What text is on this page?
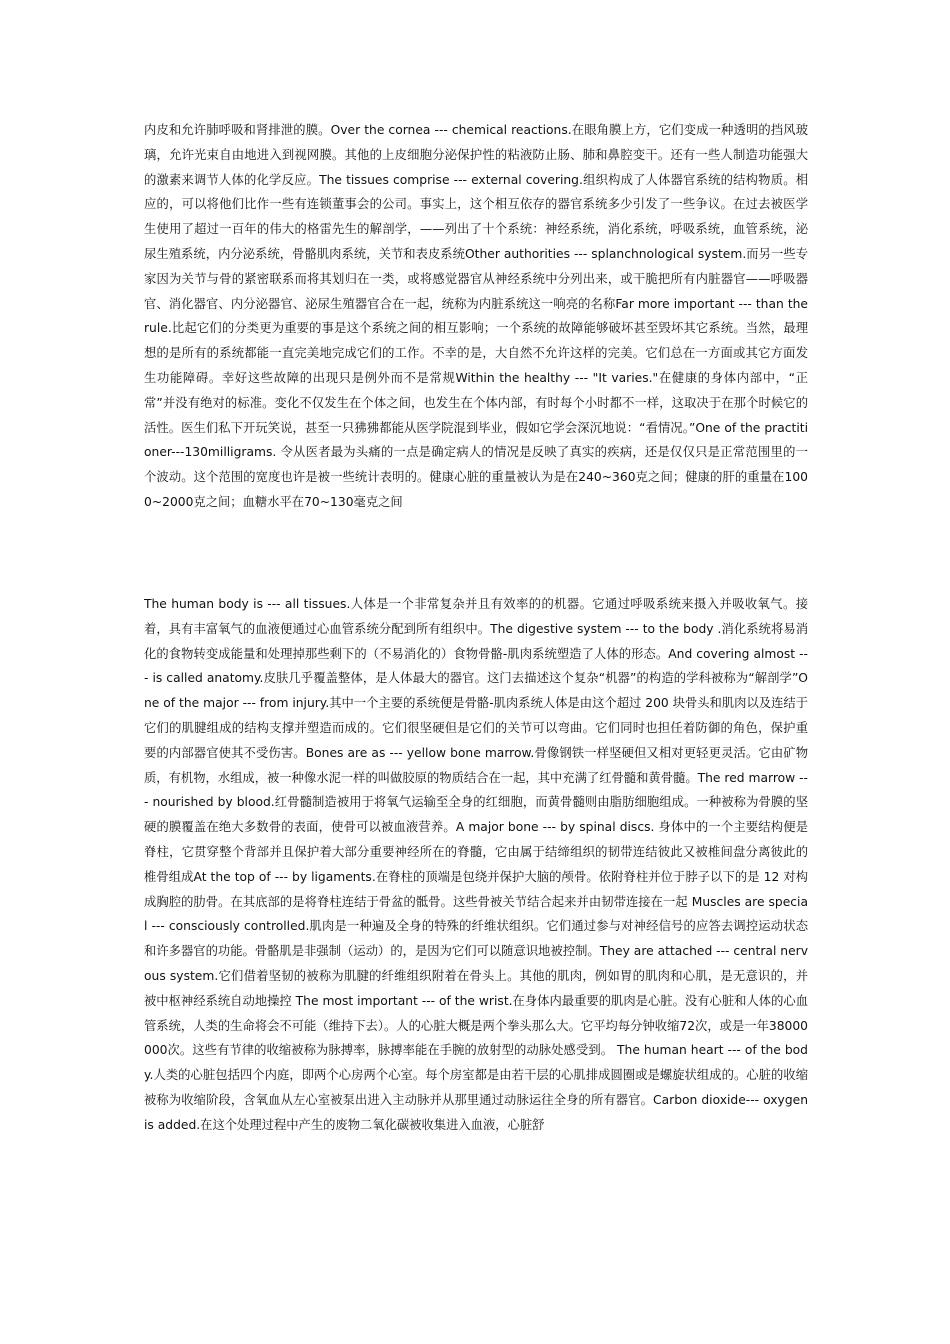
内皮和允许肺呼吸和肾排泄的膜。Over the cornea --- chemical reactions.在眼角膜上方，它们变成一种透明的挡风玻璃，允许光束自由地进入到视网膜。其他的上皮细胞分泌保护性的粘液防止肠、肺和鼻腔变干。还有一些人制造功能强大的激素来调节人体的化学反应。The tissues comprise --- external covering.组织构成了人体器官系统的结构物质。相应的，可以将他们比作一些有连锁董事会的公司。事实上，这个相互依存的器官系统多少引发了一些争议。在过去被医学生使用了超过一百年的伟大的格雷先生的解剖学，——列出了十个系统：神经系统，消化系统，呼吸系统，血管系统，泌尿生殖系统，内分泌系统，骨骼肌肉系统，关节和表皮系统Other authorities --- splanchnological system.而另一些专家因为关节与骨的紧密联系而将其划归在一类，或将感觉器官从神经系统中分列出来，或干脆把所有内脏器官——呼吸器官、消化器官、内分泌器官、泌尿生殖器官合在一起，统称为内脏系统这一响亮的名称Far more important --- than the rule.比起它们的分类更为重要的事是这个系统之间的相互影响；一个系统的故障能够破坏甚至毁坏其它系统。当然，最理想的是所有的系统都能一直完美地完成它们的工作。不幸的是，大自然不允许这样的完美。它们总在一方面或其它方面发生功能障碍。幸好这些故障的出现只是例外而不是常规Within the healthy --- "It varies."在健康的身体内部中，“正常”并没有绝对的标准。变化不仅发生在个体之间，也发生在个体内部，有时每个小时都不一样，这取决于在那个时候它的活性。医生们私下开玩笑说，甚至一只狒狒都能从医学院混到毕业，假如它学会深沉地说：“看情况。”One of the practitioner---130milligrams. 令从医者最为头痛的一点是确定病人的情况是反映了真实的疾病，还是仅仅只是正常范围里的一个波动。这个范围的宽度也许是被一些统计表明的。健康心脏的重量被认为是在240~360克之间；健康的肝的重量在1000~2000克之间；血糖水平在70~130毫克之间

The human body is --- all tissues.人体是一个非常复杂并且有效率的的机器。它通过呼吸系统来摄入并吸收氧气。接着，具有丰富氧气的血液便通过心血管系统分配到所有组织中。The digestive system --- to the body .消化系统将易消化的食物转变成能量和处理掉那些剩下的（不易消化的）食物骨骼-肌肉系统塑造了人体的形态。And covering almost --- is called anatomy.皮肤几乎覆盖整体，是人体最大的器官。这门去描述这个复杂“机器”的构造的学科被称为“解剖学”One of the major --- from injury.其中一个主要的系统便是骨骼-肌肉系统人体是由这个超过 200 块骨头和肌肉以及连结于它们的肌腱组成的结构支撑并塑造而成的。它们很坚硬但是它们的关节可以弯曲。它们同时也担任着防御的角色，保护重要的内部器官使其不受伤害。Bones are as --- yellow bone marrow.骨像钢铁一样坚硬但又相对更轻更灵活。它由矿物质，有机物，水组成，被一种像水泥一样的叫做胶原的物质结合在一起，其中充满了红骨髓和黄骨髓。The red marrow --- nourished by blood.红骨髓制造被用于将氧气运输至全身的红细胞，而黄骨髓则由脂肪细胞组成。一种被称为骨膜的坚硬的膜覆盖在绝大多数骨的表面，使骨可以被血液营养。A major bone --- by spinal discs. 身体中的一个主要结构便是脊柱，它贯穿整个背部并且保护着大部分重要神经所在的脊髓，它由属于结缔组织的韧带连结彼此又被椎间盘分离彼此的椎骨组成At the top of --- by ligaments.在脊柱的顶端是包绕并保护大脑的颅骨。依附脊柱并位于脖子以下的是 12 对构成胸腔的肋骨。在其底部的是将脊柱连结于骨盆的骶骨。这些骨被关节结合起来并由韧带连接在一起 Muscles are special --- consciously controlled.肌肉是一种遍及全身的特殊的纤维状组织。它们通过参与对神经信号的应答去调控运动状态和许多器官的功能。骨骼肌是非强制（运动）的，是因为它们可以随意识地被控制。They are attached --- central nervous system.它们借着坚韧的被称为肌腱的纤维组织附着在骨头上。其他的肌肉，例如胃的肌肉和心肌，是无意识的，并被中枢神经系统自动地操控 The most important --- of the wrist.在身体内最重要的肌肉是心脏。没有心脏和人体的心血管系统，人类的生命将会不可能（维持下去）。人的心脏大概是两个拳头那么大。它平均每分钟收缩72次，或是一年38000000次。这些有节律的收缩被称为脉搏率，脉搏率能在手腕的放射型的动脉处感受到。 The human heart --- of the body.人类的心脏包括四个内庭，即两个心房两个心室。每个房室都是由若干层的心肌排成圆圈或是螺旋状组成的。心脏的收缩被称为收缩阶段，含氧血从左心室被泵出进入主动脉并从那里通过动脉运往全身的所有器官。Carbon dioxide--- oxygen is added.在这个处理过程中产生的废物二氧化碳被收集进入血液，心脏舒
